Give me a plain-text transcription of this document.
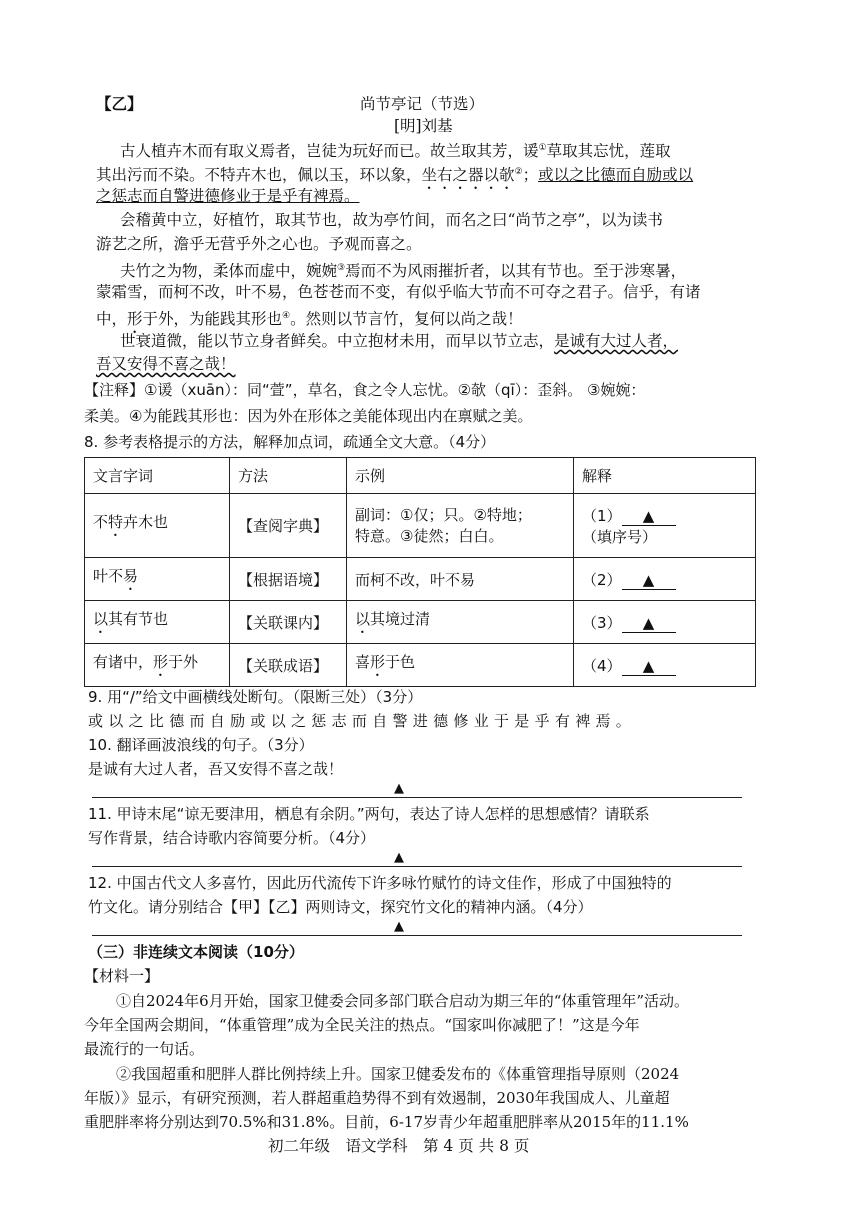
【乙】	尚节亭记（节选）
[明]刘基
古人植卉木而有取义焉者，岂徒为玩好而已。故兰取其芳，谖①草取其忘忧，莲取
其出污而不染。不特卉木也，佩以玉，环以象，坐右之器以欹②；或以之比德而自励或以
之惩志而自警进德修业于是乎有裨焉。
会稽黄中立，好植竹，取其节也，故为亭竹间，而名之曰“尚节之亭”，以为读书
游艺之所，澹乎无营乎外之心也。予观而喜之。
夫竹之为物，柔体而虚中，婉婉③焉而不为风雨摧折者，以其有节也。至于涉寒暑，
蒙霜雪，而柯不改，叶不易，色苍苍而不变，有似乎临大节而不可夺之君子。信乎，有诸
中，形于外，为能践其形也④。然则以节言竹，复何以尚之哉！
世衰道微，能以节立身者鲜矣。中立抱材未用，而早以节立志，是诚有大过人者，
吾又安得不喜之哉！
【注释】①谖（xuān）：同“萱”，草名，食之令人忘忧。②欹（qī）：歪斜。 ③婉婉：
柔美。④为能践其形也：因为外在形体之美能体现出内在禀赋之美。
8. 参考表格提示的方法，解释加点词，疏通全文大意。（4分）
文言字词	方法	示例	解释
不特卉木也	【查阅字典】	副词：①仅；只。②特地；
特意。③徒然；白白。	（1） ▲（填序号）
叶不易	【根据语境】	而柯不改，叶不易	（2） ▲
以其有节也	【关联课内】	以其境过清	（3） ▲
有诸中，形于外	【关联成语】	喜形于色	（4） ▲
9. 用“/”给文中画横线处断句。（限断三处）（3分）
或以之比德而自励或以之惩志而自警进德修业于是乎有裨焉。
10. 翻译画波浪线的句子。（3分）
是诚有大过人者，吾又安得不喜之哉！
▲
11. 甲诗末尾“谅无要津用，栖息有余阴。”两句，表达了诗人怎样的思想感情？请联系
写作背景，结合诗歌内容简要分析。（4分）
▲
12. 中国古代文人多喜竹，因此历代流传下许多咏竹赋竹的诗文佳作，形成了中国独特的
竹文化。请分别结合【甲】【乙】两则诗文，探究竹文化的精神内涵。（4分）
▲
（三）非连续文本阅读（10分）
【材料一】
①自2024年6月开始，国家卫健委会同多部门联合启动为期三年的“体重管理年”活动。
今年全国两会期间，“体重管理”成为全民关注的热点。“国家叫你减肥了！”这是今年
最流行的一句话。
②我国超重和肥胖人群比例持续上升。国家卫健委发布的《体重管理指导原则（2024
年版）》显示，有研究预测，若人群超重趋势得不到有效遏制，2030年我国成人、儿童超
重肥胖率将分别达到70.5%和31.8%。目前，6-17岁青少年超重肥胖率从2015年的11.1%
初二年级　语文学科　第 4 页 共 8 页
